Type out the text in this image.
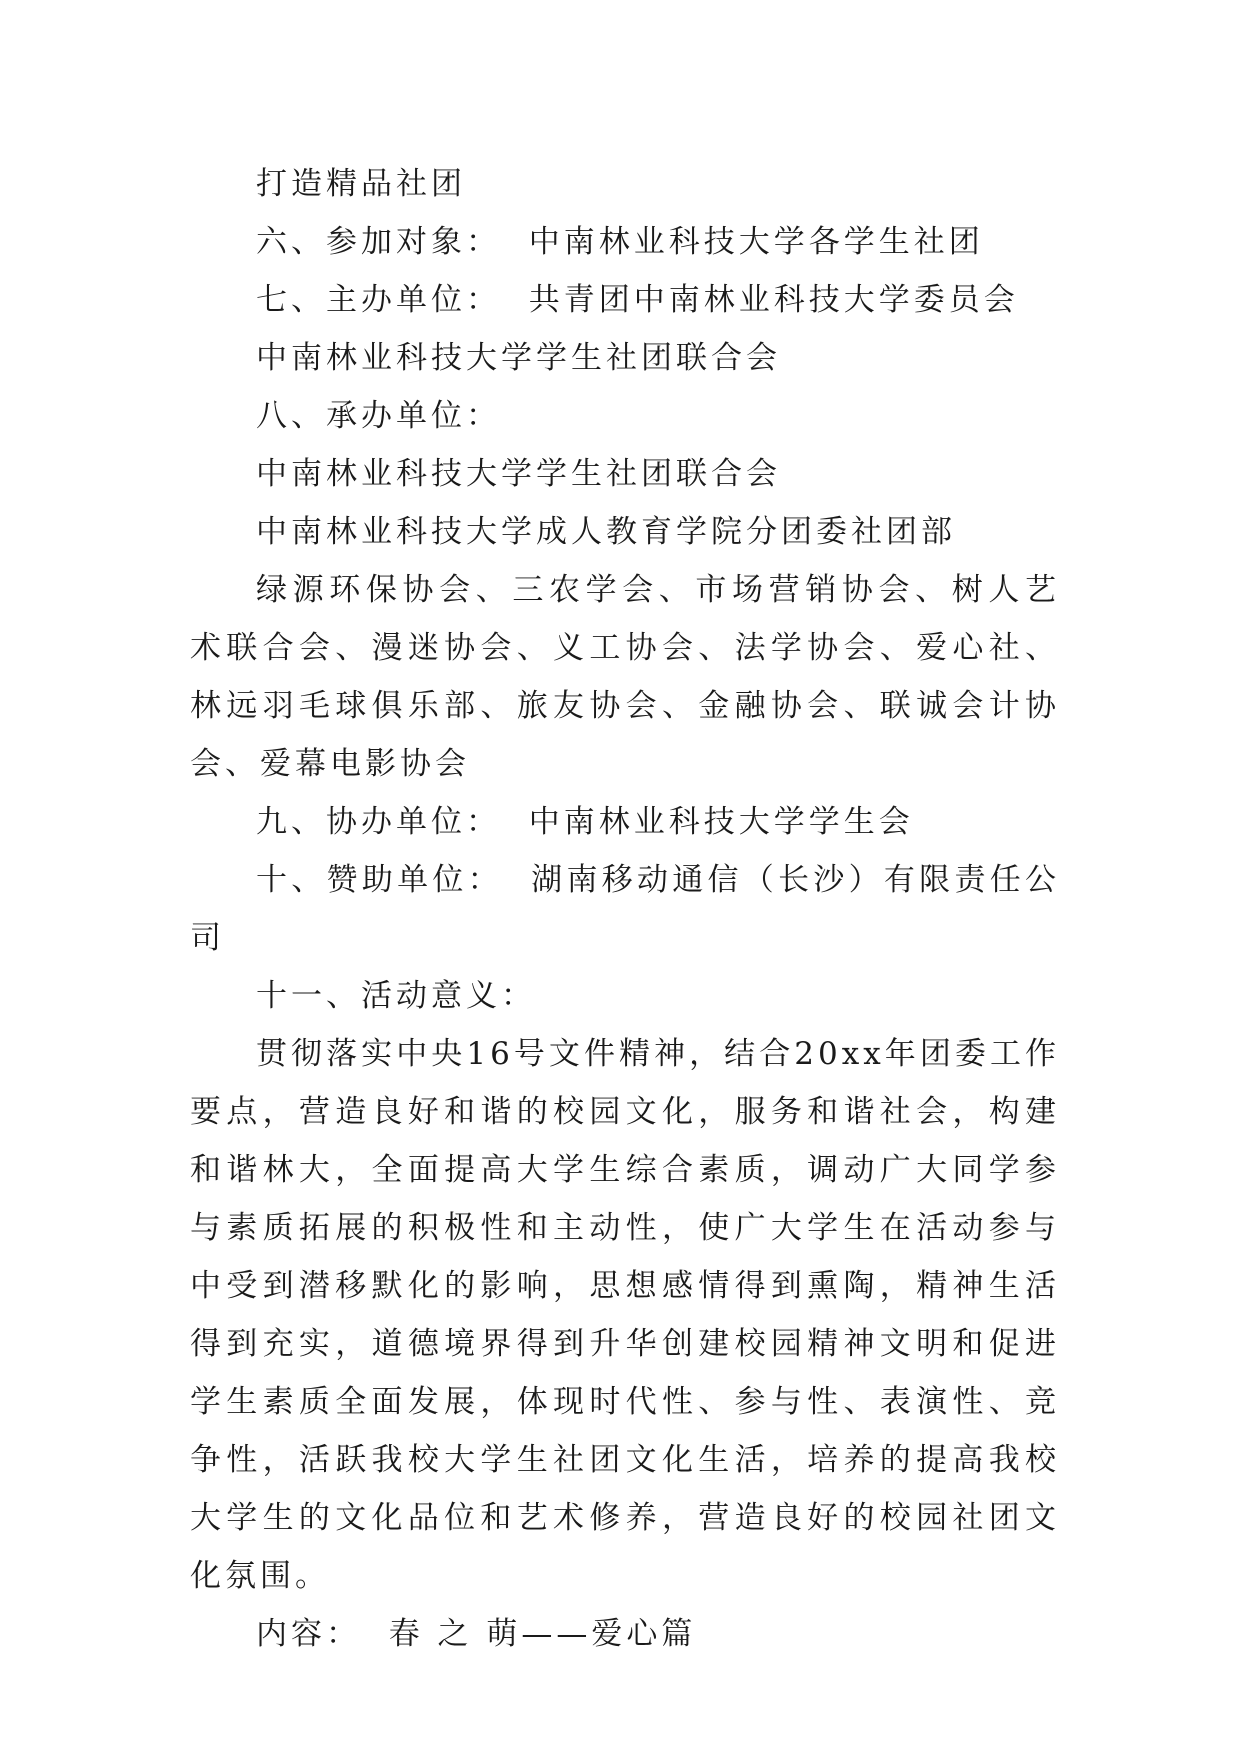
打造精品社团

六、参加对象：  中南林业科技大学各学生社团

七、主办单位：  共青团中南林业科技大学委员会

中南林业科技大学学生社团联合会

八、承办单位：

中南林业科技大学学生社团联合会

中南林业科技大学成人教育学院分团委社团部

绿源环保协会、三农学会、市场营销协会、树人艺术联合会、漫迷协会、义工协会、法学协会、爱心社、林远羽毛球俱乐部、旅友协会、金融协会、联诚会计协会、爱幕电影协会

九、协办单位：  中南林业科技大学学生会

十、赞助单位：  湖南移动通信（长沙）有限责任公司

十一、活动意义：

贯彻落实中央16号文件精神，结合20xx年团委工作要点，营造良好和谐的校园文化，服务和谐社会，构建和谐林大，全面提高大学生综合素质，调动广大同学参与素质拓展的积极性和主动性，使广大学生在活动参与中受到潜移默化的影响，思想感情得到熏陶，精神生活得到充实，道德境界得到升华创建校园精神文明和促进学生素质全面发展，体现时代性、参与性、表演性、竞争性，活跃我校大学生社团文化生活，培养的提高我校大学生的文化品位和艺术修养，营造良好的校园社团文化氛围。

内容：  春 之 萌——爱心篇
